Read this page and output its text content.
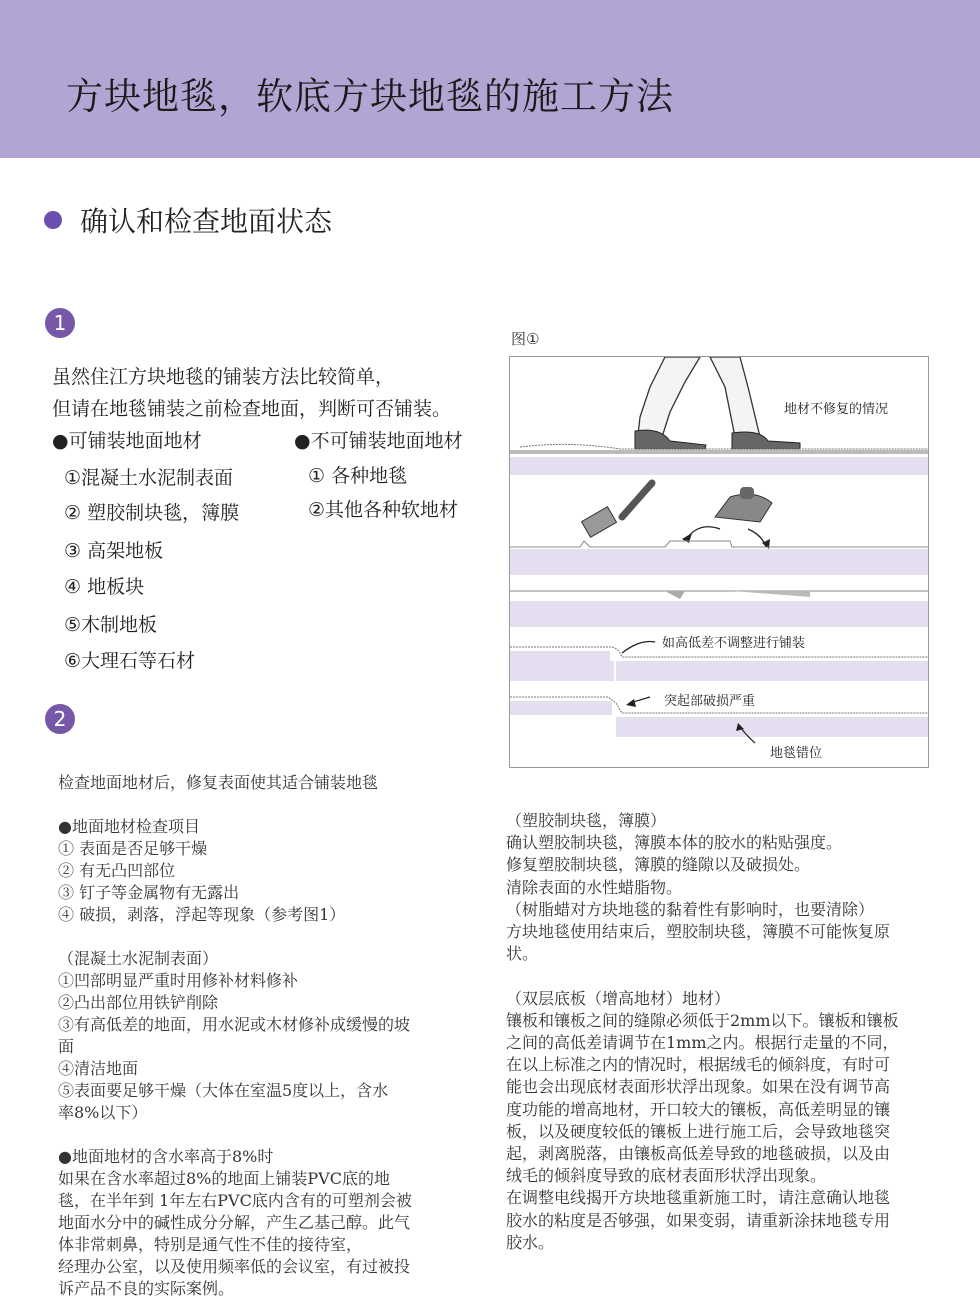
方块地毯，软底方块地毯的施工方法
确认和检查地面状态
1
虽然住江方块地毯的铺装方法比较简单，
但请在地毯铺装之前检查地面，判断可否铺装。
●可铺装地面地材
①混凝土水泥制表面
② 塑胶制块毯，簿膜
③ 高架地板
④ 地板块
⑤木制地板
⑥大理石等石材
●不可铺装地面地材
① 各种地毯
②其他各种软地材
图①
地材不修复的情况
如高低差不调整进行铺装
突起部破损严重
地毯错位
2
检查地面地材后，修复表面使其适合铺装地毯
●地面地材检查项目
① 表面是否足够干燥
② 有无凸凹部位
③ 钉子等金属物有无露出
④ 破损，剥落，浮起等现象（参考图1）
（混凝土水泥制表面）
①凹部明显严重时用修补材料修补
②凸出部位用铁铲削除
③有高低差的地面，用水泥或木材修补成缓慢的坡
面
④清洁地面
⑤表面要足够干燥（大体在室温5度以上，含水
率8%以下）
●地面地材的含水率高于8%时
如果在含水率超过8%的地面上铺装PVC底的地
毯，在半年到 1年左右PVC底内含有的可塑剂会被
地面水分中的碱性成分分解，产生乙基己醇。此气
体非常刺鼻，特别是通气性不佳的接待室，
经理办公室，以及使用频率低的会议室，有过被投
诉产品不良的实际案例。
（塑胶制块毯，簿膜）
确认塑胶制块毯，簿膜本体的胶水的粘贴强度。
修复塑胶制块毯，簿膜的缝隙以及破损处。
清除表面的水性蜡脂物。
（树脂蜡对方块地毯的黏着性有影响时，也要清除）
方块地毯使用结束后，塑胶制块毯，簿膜不可能恢复原
状。
（双层底板（增高地材）地材）
镶板和镶板之间的缝隙必须低于2mm以下。镶板和镶板
之间的高低差请调节在1mm之内。根据行走量的不同，
在以上标准之内的情况时，根据绒毛的倾斜度，有时可
能也会出现底材表面形状浮出现象。如果在没有调节高
度功能的增高地材，开口较大的镶板，高低差明显的镶
板，以及硬度较低的镶板上进行施工后，会导致地毯突
起，剥离脱落，由镶板高低差导致的地毯破损，以及由
绒毛的倾斜度导致的底材表面形状浮出现象。
在调整电线揭开方块地毯重新施工时，请注意确认地毯
胶水的粘度是否够强，如果变弱，请重新涂抹地毯专用
胶水。
